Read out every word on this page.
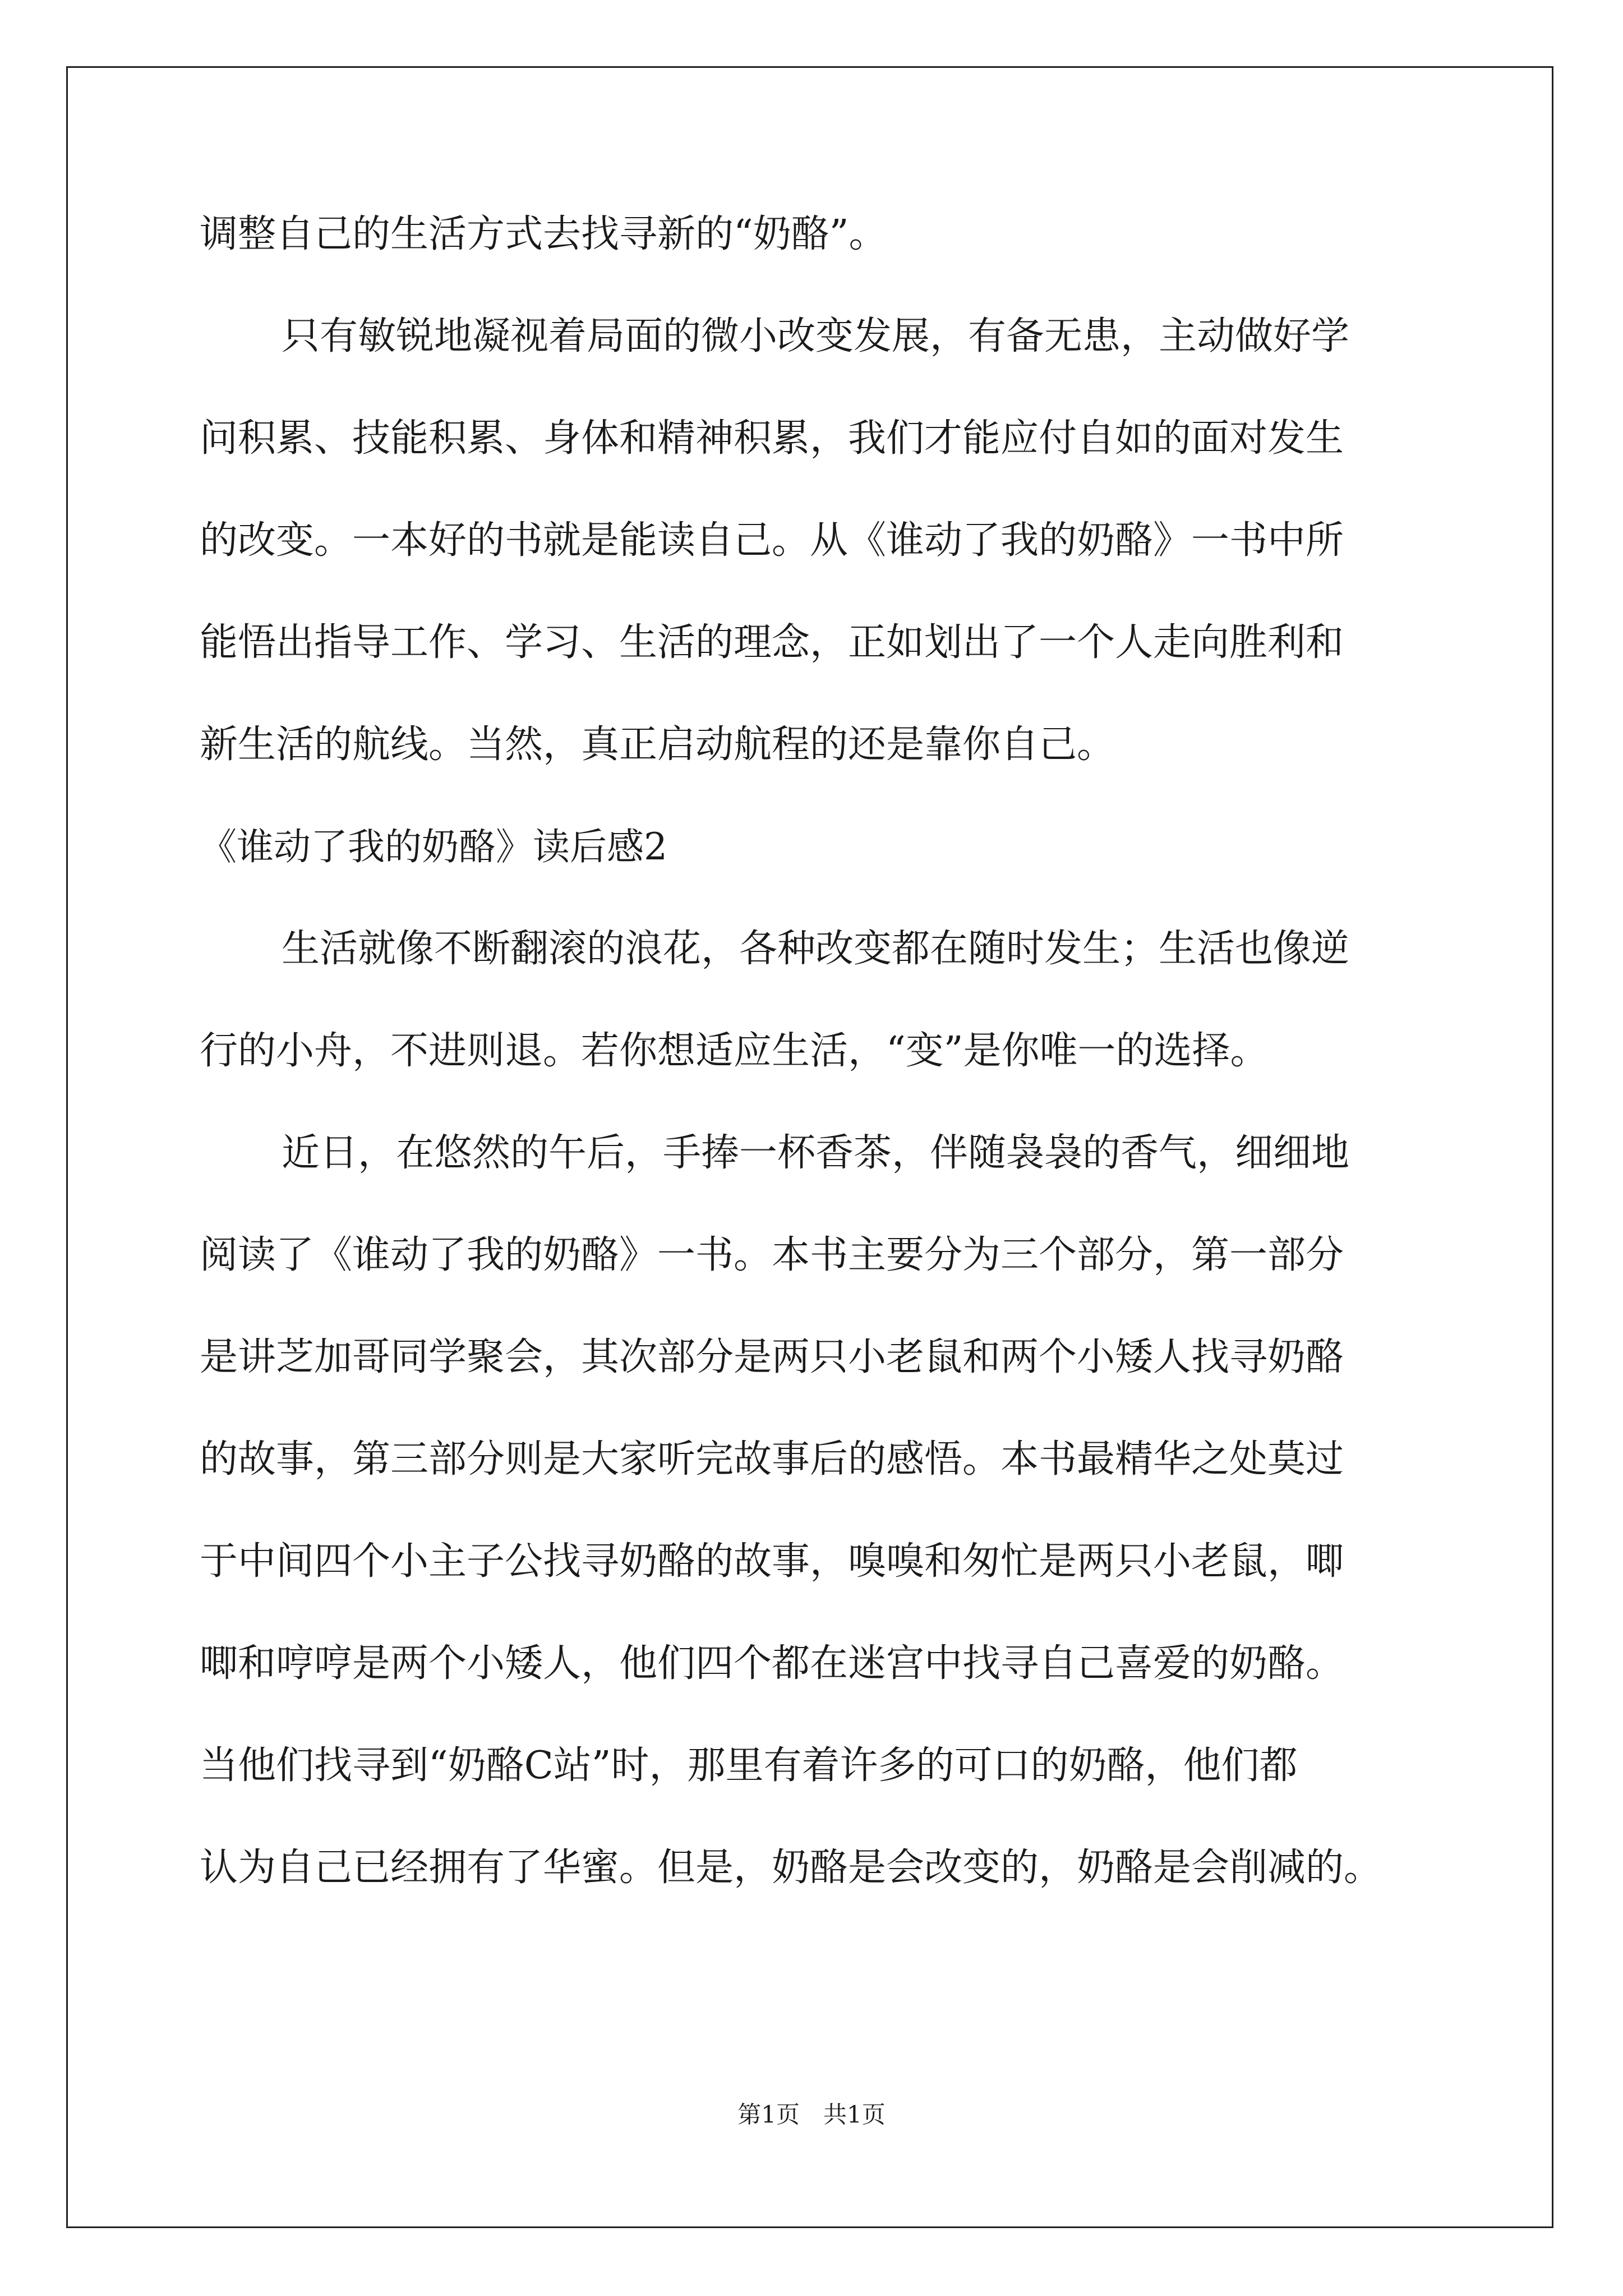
调整自己的生活方式去找寻新的“奶酪”。
只有敏锐地凝视着局面的微小改变发展，有备无患，主动做好学
问积累、技能积累、身体和精神积累，我们才能应付自如的面对发生
的改变。一本好的书就是能读自己。从《谁动了我的奶酪》一书中所
能悟出指导工作、学习、生活的理念，正如划出了一个人走向胜利和
新生活的航线。当然，真正启动航程的还是靠你自己。
《谁动了我的奶酪》读后感2
生活就像不断翻滚的浪花，各种改变都在随时发生；生活也像逆
行的小舟，不进则退。若你想适应生活，“变”是你唯一的选择。
近日，在悠然的午后，手捧一杯香茶，伴随袅袅的香气，细细地
阅读了《谁动了我的奶酪》一书。本书主要分为三个部分，第一部分
是讲芝加哥同学聚会，其次部分是两只小老鼠和两个小矮人找寻奶酪
的故事，第三部分则是大家听完故事后的感悟。本书最精华之处莫过
于中间四个小主子公找寻奶酪的故事，嗅嗅和匆忙是两只小老鼠，唧
唧和哼哼是两个小矮人，他们四个都在迷宫中找寻自己喜爱的奶酪。
当他们找寻到“奶酪C站”时，那里有着许多的可口的奶酪，他们都
认为自己已经拥有了华蜜。但是，奶酪是会改变的，奶酪是会削减的。
第1页　共1页
